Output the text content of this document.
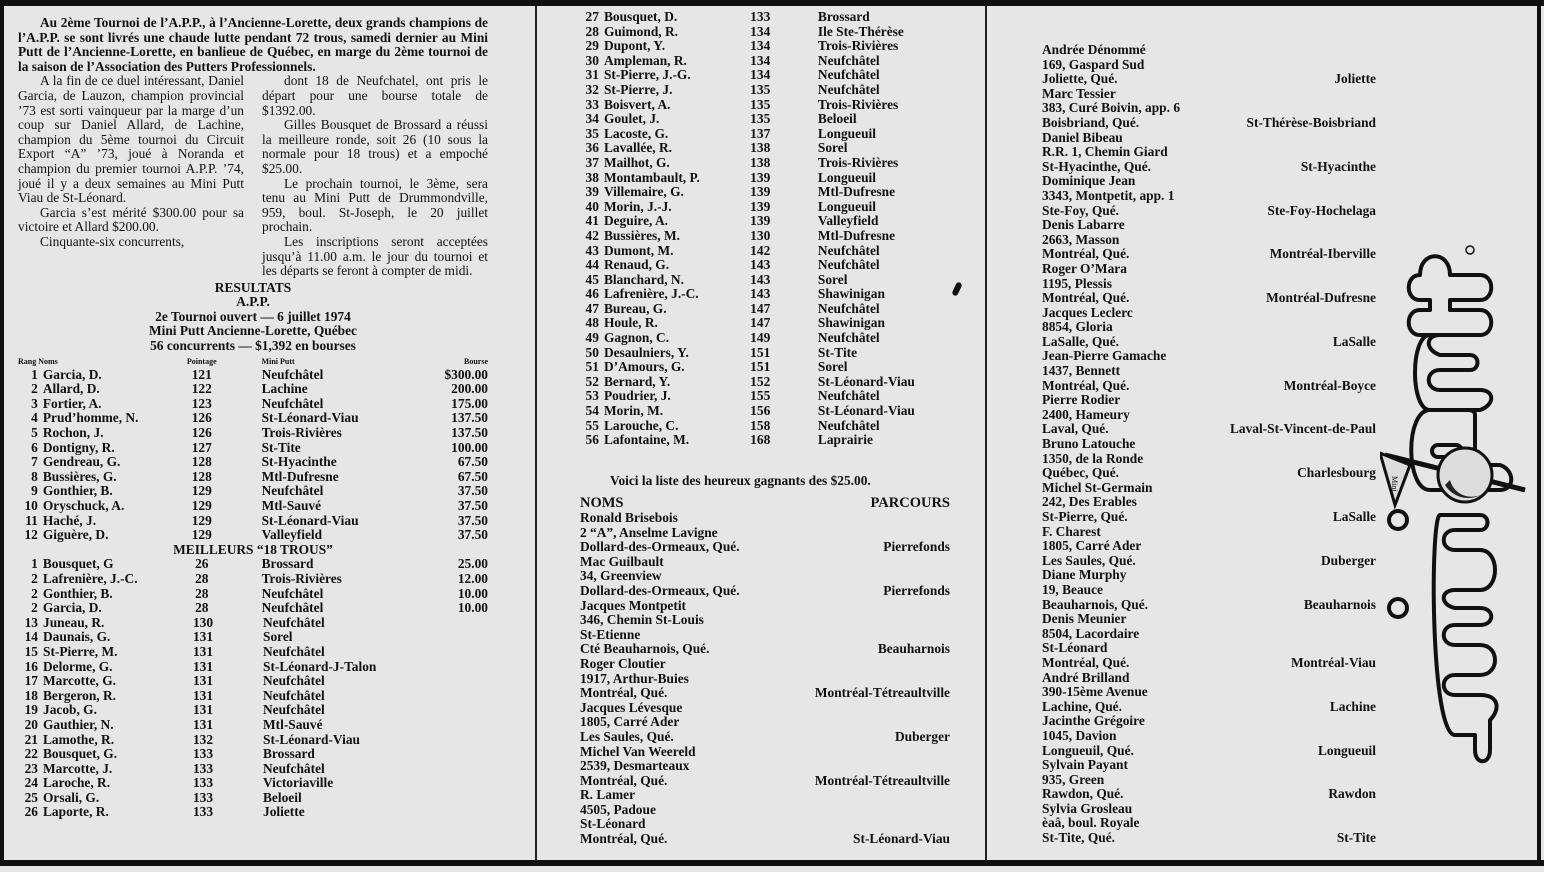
Au 2ème Tournoi de l’A.P.P., à l’Ancienne-Lorette, deux grands champions de l’A.P.P. se sont livrés une chaude lutte pendant 72 trous, samedi dernier au Mini Putt de l’Ancienne-Lorette, en banlieue de Québec, en marge du 2ème tournoi de la saison de l’Association des Putters Professionnels.

A la fin de ce duel intéressant, Daniel Garcia, de Lauzon, champion provincial ’73 est sorti vainqueur par la marge d’un coup sur Daniel Allard, de Lachine, champion du 5ème tournoi du Circuit Export “A” ’73, joué à Noranda et champion du premier tournoi A.P.P. ’74, joué il y a deux semaines au Mini Putt Viau de St-Léonard.

Garcia s’est mérité $300.00 pour sa victoire et Allard $200.00.

Cinquante-six concurrents,

dont 18 de Neufchatel, ont pris le départ pour une bourse totale de $1392.00.

Gilles Bousquet de Brossard a réussi la meilleure ronde, soit 26 (10 sous la normale pour 18 trous) et a empoché $25.00.

Le prochain tournoi, le 3ème, sera tenu au Mini Putt de Drummondville, 959, boul. St-Joseph, le 20 juillet prochain.

Les inscriptions seront acceptées jusqu’à 11.00 a.m. le jour du tournoi et les départs se feront à compter de midi.

RESULTATS
A.P.P.
2e Tournoi ouvert — 6 juillet 1974
Mini Putt Ancienne-Lorette, Québec
56 concurrents — $1,392 en bourses
Rang Noms	Pointage	Mini Putt	Bourse
1 Garcia, D.	121	Neufchâtel	$300.00
2 Allard, D.	122	Lachine	200.00
3 Fortier, A.	123	Neufchâtel	175.00
4 Prud’homme, N.	126	St-Léonard-Viau	137.50
5 Rochon, J.	126	Trois-Rivières	137.50
6 Dontigny, R.	127	St-Tite	100.00
7 Gendreau, G.	128	St-Hyacinthe	67.50
8 Bussières, G.	128	Mtl-Dufresne	67.50
9 Gonthier, B.	129	Neufchâtel	37.50
10 Oryschuck, A.	129	Mtl-Sauvé	37.50
11 Haché, J.	129	St-Léonard-Viau	37.50
12 Giguère, D.	129	Valleyfield	37.50
MEILLEURS “18 TROUS”
1 Bousquet, G	26	Brossard	25.00
2 Lafrenière, J.-C.	28	Trois-Rivières	12.00
2 Gonthier, B.	28	Neufchâtel	10.00
2 Garcia, D.	28	Neufchâtel	10.00
13 Juneau, R.	130	Neufchâtel
14 Daunais, G.	131	Sorel
15 St-Pierre, M.	131	Neufchâtel
16 Delorme, G.	131	St-Léonard-J-Talon
17 Marcotte, G.	131	Neufchâtel
18 Bergeron, R.	131	Neufchâtel
19 Jacob, G.	131	Neufchâtel
20 Gauthier, N.	131	Mtl-Sauvé
21 Lamothe, R.	132	St-Léonard-Viau
22 Bousquet, G.	133	Brossard
23 Marcotte, J.	133	Neufchâtel
24 Laroche, R.	133	Victoriaville
25 Orsali, G.	133	Beloeil
26 Laporte, R.	133	Joliette
27 Bousquet, D.	133	Brossard
28 Guimond, R.	134	Ile Ste-Thérèse
29 Dupont, Y.	134	Trois-Rivières
30 Ampleman, R.	134	Neufchâtel
31 St-Pierre, J.-G.	134	Neufchâtel
32 St-Pierre, J.	135	Neufchâtel
33 Boisvert, A.	135	Trois-Rivières
34 Goulet, J.	135	Beloeil
35 Lacoste, G.	137	Longueuil
36 Lavallée, R.	138	Sorel
37 Mailhot, G.	138	Trois-Rivières
38 Montambault, P.	139	Longueuil
39 Villemaire, G.	139	Mtl-Dufresne
40 Morin, J.-J.	139	Longueuil
41 Deguire, A.	139	Valleyfield
42 Bussières, M.	130	Mtl-Dufresne
43 Dumont, M.	142	Neufchâtel
44 Renaud, G.	143	Neufchâtel
45 Blanchard, N.	143	Sorel
46 Lafrenière, J.-C.	143	Shawinigan
47 Bureau, G.	147	Neufchâtel
48 Houle, R.	147	Shawinigan
49 Gagnon, C.	149	Neufchâtel
50 Desaulniers, Y.	151	St-Tite
51 D’Amours, G.	151	Sorel
52 Bernard, Y.	152	St-Léonard-Viau
53 Poudrier, J.	155	Neufchâtel
54 Morin, M.	156	St-Léonard-Viau
55 Larouche, C.	158	Neufchâtel
56 Lafontaine, M.	168	Laprairie
Voici la liste des heureux gagnants des $25.00.
NOMS	PARCOURS
Ronald Brisebois
2 “A”, Anselme Lavigne
Dollard-des-Ormeaux, Qué.	Pierrefonds
Mac Guilbault
34, Greenview
Dollard-des-Ormeaux, Qué.	Pierrefonds
Jacques Montpetit
346, Chemin St-Louis
St-Etienne
Cté Beauharnois, Qué.	Beauharnois
Roger Cloutier
1917, Arthur-Buies
Montréal, Qué.	Montréal-Tétreaultville
Jacques Lévesque
1805, Carré Ader
Les Saules, Qué.	Duberger
Michel Van Weereld
2539, Desmarteaux
Montréal, Qué.	Montréal-Tétreaultville
R. Lamer
4505, Padoue
St-Léonard
Montréal, Qué.	St-Léonard-Viau
Andrée Dénommé
169, Gaspard Sud
Joliette, Qué.	Joliette
Marc Tessier
383, Curé Boivin, app. 6
Boisbriand, Qué.	St-Thérèse-Boisbriand
Daniel Bibeau
R.R. 1, Chemin Giard
St-Hyacinthe, Qué.	St-Hyacinthe
Dominique Jean
3343, Montpetit, app. 1
Ste-Foy, Qué.	Ste-Foy-Hochelaga
Denis Labarre
2663, Masson
Montréal, Qué.	Montréal-Iberville
Roger O’Mara
1195, Plessis
Montréal, Qué.	Montréal-Dufresne
Jacques Leclerc
8854, Gloria
LaSalle, Qué.	LaSalle
Jean-Pierre Gamache
1437, Bennett
Montréal, Qué.	Montréal-Boyce
Pierre Rodier
2400, Hameury
Laval, Qué.	Laval-St-Vincent-de-Paul
Bruno Latouche
1350, de la Ronde
Québec, Qué.	Charlesbourg
Michel St-Germain
242, Des Erables
St-Pierre, Qué.	LaSalle
F. Charest
1805, Carré Ader
Les Saules, Qué.	Duberger
Diane Murphy
19, Beauce
Beauharnois, Qué.	Beauharnois
Denis Meunier
8504, Lacordaire
St-Léonard
Montréal, Qué.	Montréal-Viau
André Brilland
390-15ème Avenue
Lachine, Qué.	Lachine
Jacinthe Grégoire
1045, Davion
Longueuil, Qué.	Longueuil
Sylvain Payant
935, Green
Rawdon, Qué.	Rawdon
Sylvia Grosleau
èaâ, boul. Royale
St-Tite, Qué.	St-Tite
Mini
